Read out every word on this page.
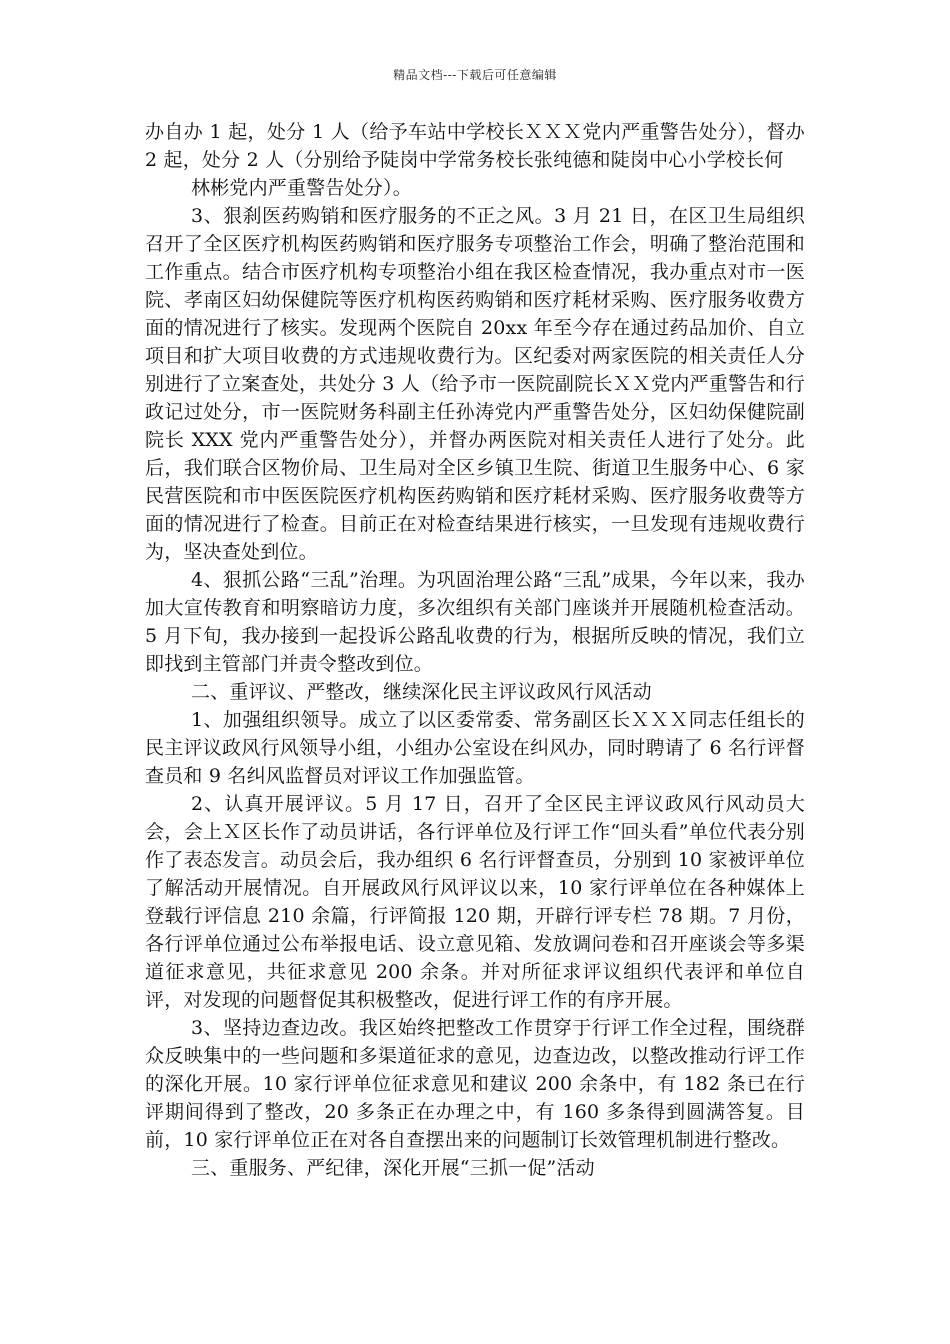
精品文档---下载后可任意编辑

办自办 1 起，处分 1 人（给予车站中学校长ＸＸＸ党内严重警告处分），督办 2 起，处分 2 人（分别给予陡岗中学常务校长张纯德和陡岗中心小学校长何

林彬党内严重警告处分）。

3、狠刹医药购销和医疗服务的不正之风。3 月 21 日，在区卫生局组织召开了全区医疗机构医药购销和医疗服务专项整治工作会，明确了整治范围和工作重点。结合市医疗机构专项整治小组在我区检查情况，我办重点对市一医院、孝南区妇幼保健院等医疗机构医药购销和医疗耗材采购、医疗服务收费方面的情况进行了核实。发现两个医院自 20xx 年至今存在通过药品加价、自立项目和扩大项目收费的方式违规收费行为。区纪委对两家医院的相关责任人分别进行了立案查处，共处分 3 人（给予市一医院副院长ＸＸ党内严重警告和行政记过处分，市一医院财务科副主任孙涛党内严重警告处分，区妇幼保健院副院长 XXX 党内严重警告处分），并督办两医院对相关责任人进行了处分。此后，我们联合区物价局、卫生局对全区乡镇卫生院、街道卫生服务中心、6 家民营医院和市中医医院医疗机构医药购销和医疗耗材采购、医疗服务收费等方面的情况进行了检查。目前正在对检查结果进行核实，一旦发现有违规收费行为，坚决查处到位。

4、狠抓公路“三乱”治理。为巩固治理公路“三乱”成果，今年以来，我办加大宣传教育和明察暗访力度，多次组织有关部门座谈并开展随机检查活动。5 月下旬，我办接到一起投诉公路乱收费的行为，根据所反映的情况，我们立即找到主管部门并责令整改到位。

二、重评议、严整改，继续深化民主评议政风行风活动

1、加强组织领导。成立了以区委常委、常务副区长ＸＸＸ同志任组长的民主评议政风行风领导小组，小组办公室设在纠风办，同时聘请了 6 名行评督查员和 9 名纠风监督员对评议工作加强监管。

2、认真开展评议。5 月 17 日，召开了全区民主评议政风行风动员大会，会上Ｘ区长作了动员讲话，各行评单位及行评工作“回头看”单位代表分别作了表态发言。动员会后，我办组织 6 名行评督查员，分别到 10 家被评单位了解活动开展情况。自开展政风行风评议以来，10 家行评单位在各种媒体上登载行评信息 210 余篇，行评简报 120 期，开辟行评专栏 78 期。7 月份，各行评单位通过公布举报电话、设立意见箱、发放调问卷和召开座谈会等多渠道征求意见，共征求意见 200 余条。并对所征求评议组织代表评和单位自评，对发现的问题督促其积极整改，促进行评工作的有序开展。

3、坚持边查边改。我区始终把整改工作贯穿于行评工作全过程，围绕群众反映集中的一些问题和多渠道征求的意见，边查边改，以整改推动行评工作的深化开展。10 家行评单位征求意见和建议 200 余条中，有 182 条已在行评期间得到了整改，20 多条正在办理之中，有 160 多条得到圆满答复。目前，10 家行评单位正在对各自查摆出来的问题制订长效管理机制进行整改。

三、重服务、严纪律，深化开展“三抓一促”活动
